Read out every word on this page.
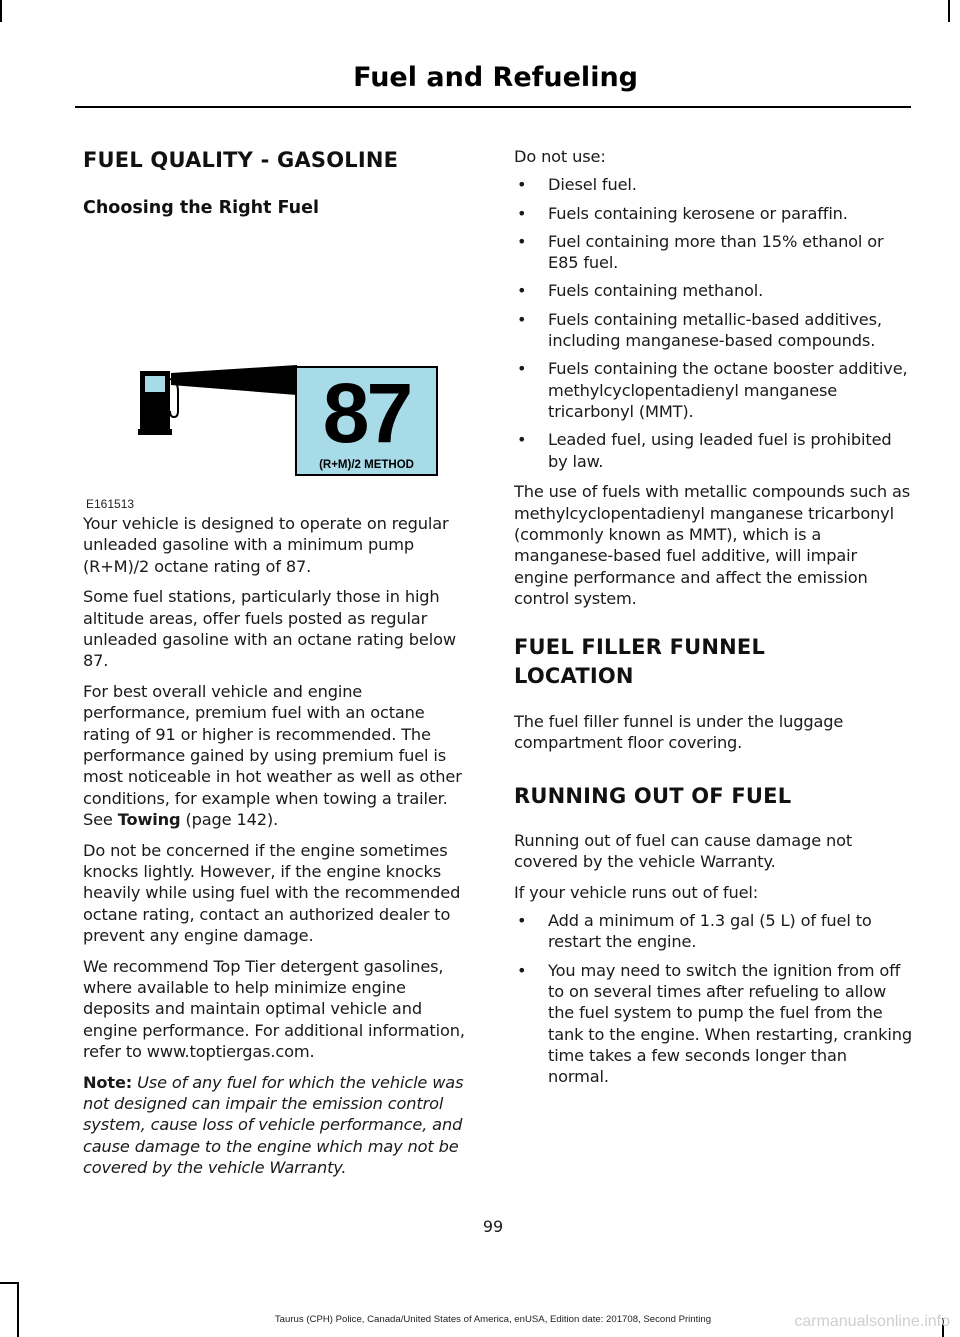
Fuel and Refueling
FUEL QUALITY - GASOLINE
Choosing the Right Fuel
87
(R+M)/2 METHOD
E161513

Your vehicle is designed to operate on regular unleaded gasoline with a minimum pump (R+M)/2 octane rating of 87.

Some fuel stations, particularly those in high altitude areas, offer fuels posted as regular unleaded gasoline with an octane rating below 87.

For best overall vehicle and engine performance, premium fuel with an octane rating of 91 or higher is recommended. The performance gained by using premium fuel is most noticeable in hot weather as well as other conditions, for example when towing a trailer. See Towing (page 142).

Do not be concerned if the engine sometimes knocks lightly. However, if the engine knocks heavily while using fuel with the recommended octane rating, contact an authorized dealer to prevent any engine damage.

We recommend Top Tier detergent gasolines, where available to help minimize engine deposits and maintain optimal vehicle and engine performance. For additional information, refer to www.toptiergas.com.

Note: Use of any fuel for which the vehicle was not designed can impair the emission control system, cause loss of vehicle performance, and cause damage to the engine which may not be covered by the vehicle Warranty.

Do not use:

• Diesel fuel.
• Fuels containing kerosene or paraffin.
• Fuel containing more than 15% ethanol or E85 fuel.
• Fuels containing methanol.
• Fuels containing metallic-based additives, including manganese-based compounds.
• Fuels containing the octane booster additive, methylcyclopentadienyl manganese tricarbonyl (MMT).
• Leaded fuel, using leaded fuel is prohibited by law.

The use of fuels with metallic compounds such as methylcyclopentadienyl manganese tricarbonyl (commonly known as MMT), which is a manganese-based fuel additive, will impair engine performance and affect the emission control system.

FUEL FILLER FUNNEL
LOCATION

The fuel filler funnel is under the luggage compartment floor covering.

RUNNING OUT OF FUEL

Running out of fuel can cause damage not covered by the vehicle Warranty.

If your vehicle runs out of fuel:

• Add a minimum of 1.3 gal (5 L) of fuel to restart the engine.
• You may need to switch the ignition from off to on several times after refueling to allow the fuel system to pump the fuel from the tank to the engine. When restarting, cranking time takes a few seconds longer than normal.
99
Taurus (CPH) Police, Canada/United States of America, enUSA, Edition date: 201708, Second Printing	carmanualsonline.info
